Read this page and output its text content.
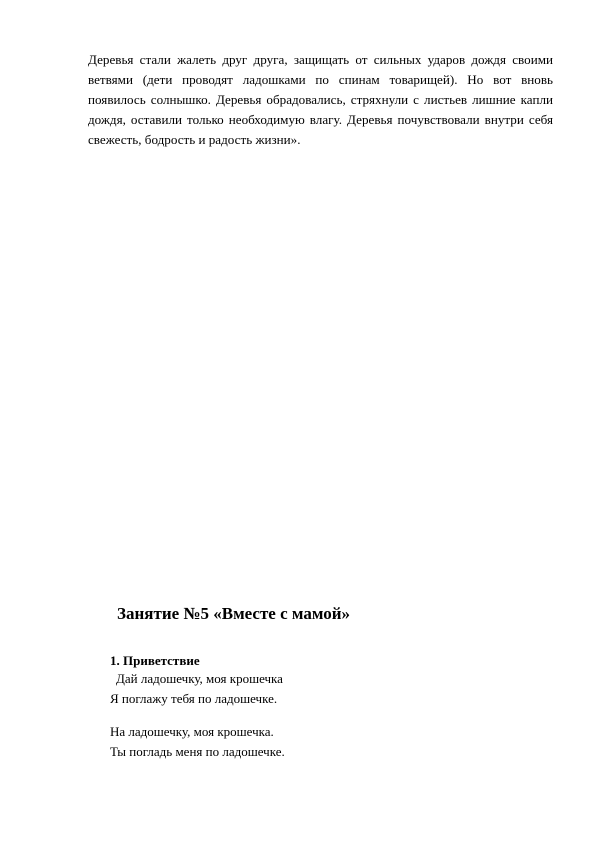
Деревья стали жалеть друг друга, защищать от сильных ударов дождя своими ветвями (дети проводят ладошками по спинам товарищей). Но вот вновь появилось солнышко. Деревья обрадовались, стряхнули с листьев лишние капли дождя, оставили только необходимую влагу. Деревья почувствовали внутри себя свежесть, бодрость и радость жизни».

Занятие №5 «Вместе с мамой»

1. Приветствие

Дай ладошечку, моя крошечка
Я поглажу тебя по ладошечке.

На ладошечку, моя крошечка.
Ты погладь меня по ладошечке.
